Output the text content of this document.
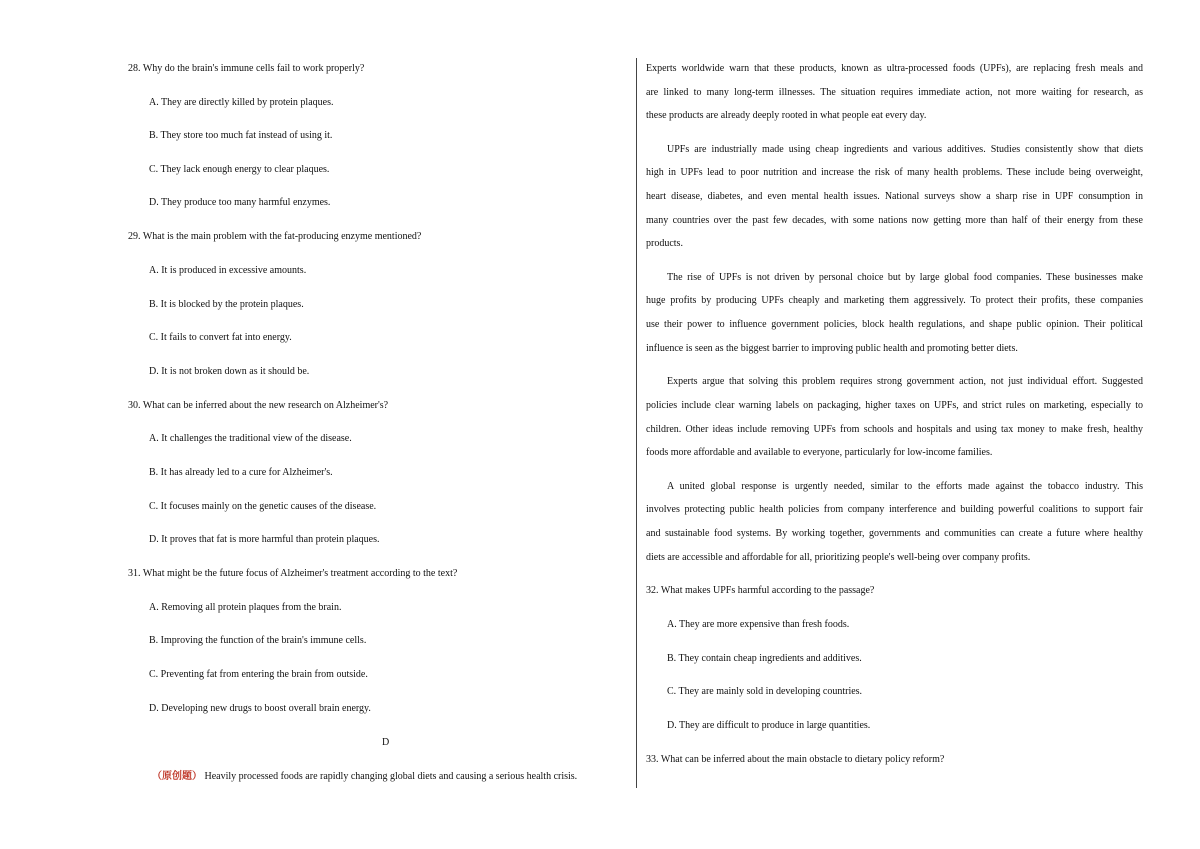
28. Why do the brain's immune cells fail to work properly?
A. They are directly killed by protein plaques.
B. They store too much fat instead of using it.
C. They lack enough energy to clear plaques.
D. They produce too many harmful enzymes.
29. What is the main problem with the fat-producing enzyme mentioned?
A. It is produced in excessive amounts.
B. It is blocked by the protein plaques.
C. It fails to convert fat into energy.
D. It is not broken down as it should be.
30. What can be inferred about the new research on Alzheimer's?
A. It challenges the traditional view of the disease.
B. It has already led to a cure for Alzheimer's.
C. It focuses mainly on the genetic causes of the disease.
D. It proves that fat is more harmful than protein plaques.
31. What might be the future focus of Alzheimer's treatment according to the text?
A. Removing all protein plaques from the brain.
B. Improving the function of the brain's immune cells.
C. Preventing fat from entering the brain from outside.
D. Developing new drugs to boost overall brain energy.
D
（原创题） Heavily processed foods are rapidly changing global diets and causing a serious health crisis.
Experts worldwide warn that these products, known as ultra-processed foods (UPFs), are replacing fresh meals and
are linked to many long-term illnesses. The situation requires immediate action, not more waiting for research, as
these products are already deeply rooted in what people eat every day.
UPFs are industrially made using cheap ingredients and various additives. Studies consistently show that diets
high in UPFs lead to poor nutrition and increase the risk of many health problems. These include being overweight,
heart disease, diabetes, and even mental health issues. National surveys show a sharp rise in UPF consumption in
many countries over the past few decades, with some nations now getting more than half of their energy from these
products.
The rise of UPFs is not driven by personal choice but by large global food companies. These businesses make
huge profits by producing UPFs cheaply and marketing them aggressively. To protect their profits, these companies
use their power to influence government policies, block health regulations, and shape public opinion. Their political
influence is seen as the biggest barrier to improving public health and promoting better diets.
Experts argue that solving this problem requires strong government action, not just individual effort. Suggested
policies include clear warning labels on packaging, higher taxes on UPFs, and strict rules on marketing, especially to
children. Other ideas include removing UPFs from schools and hospitals and using tax money to make fresh, healthy
foods more affordable and available to everyone, particularly for low-income families.
A united global response is urgently needed, similar to the efforts made against the tobacco industry. This
involves protecting public health policies from company interference and building powerful coalitions to support fair
and sustainable food systems. By working together, governments and communities can create a future where healthy
diets are accessible and affordable for all, prioritizing people's well-being over company profits.
32. What makes UPFs harmful according to the passage?
A. They are more expensive than fresh foods.
B. They contain cheap ingredients and additives.
C. They are mainly sold in developing countries.
D. They are difficult to produce in large quantities.
33. What can be inferred about the main obstacle to dietary policy reform?
